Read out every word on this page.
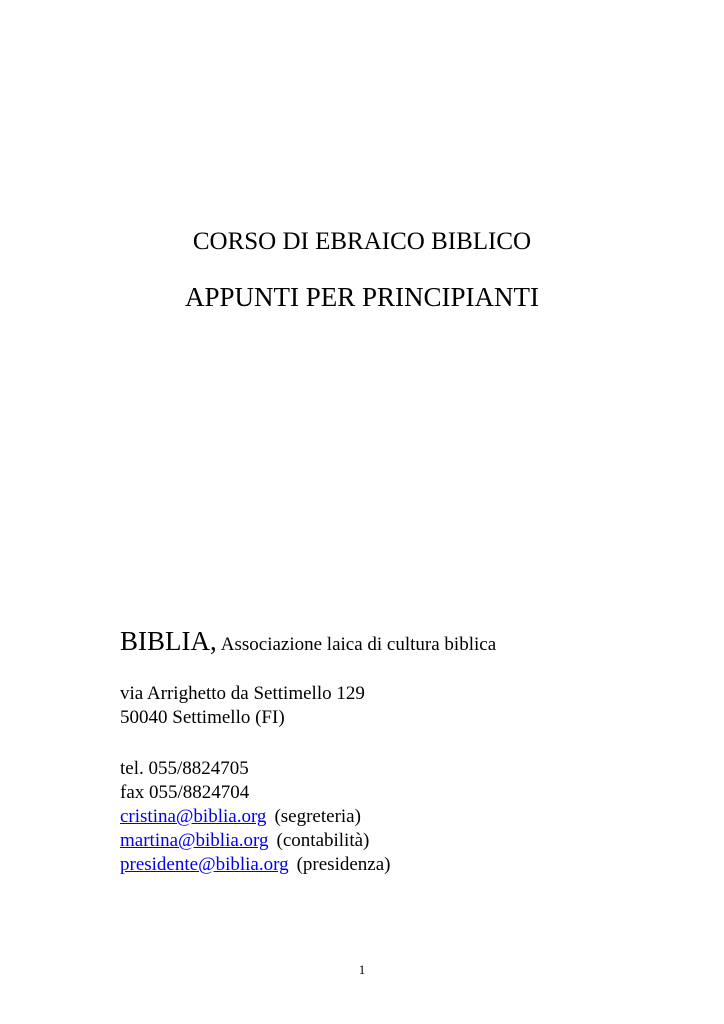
CORSO DI EBRAICO BIBLICO
APPUNTI PER PRINCIPIANTI
BIBLIA, Associazione laica di cultura biblica
via Arrighetto da Settimello 129
50040 Settimello (FI)
tel. 055/8824705
fax 055/8824704
cristina@biblia.org (segreteria)
martina@biblia.org (contabilità)
presidente@biblia.org (presidenza)
1
